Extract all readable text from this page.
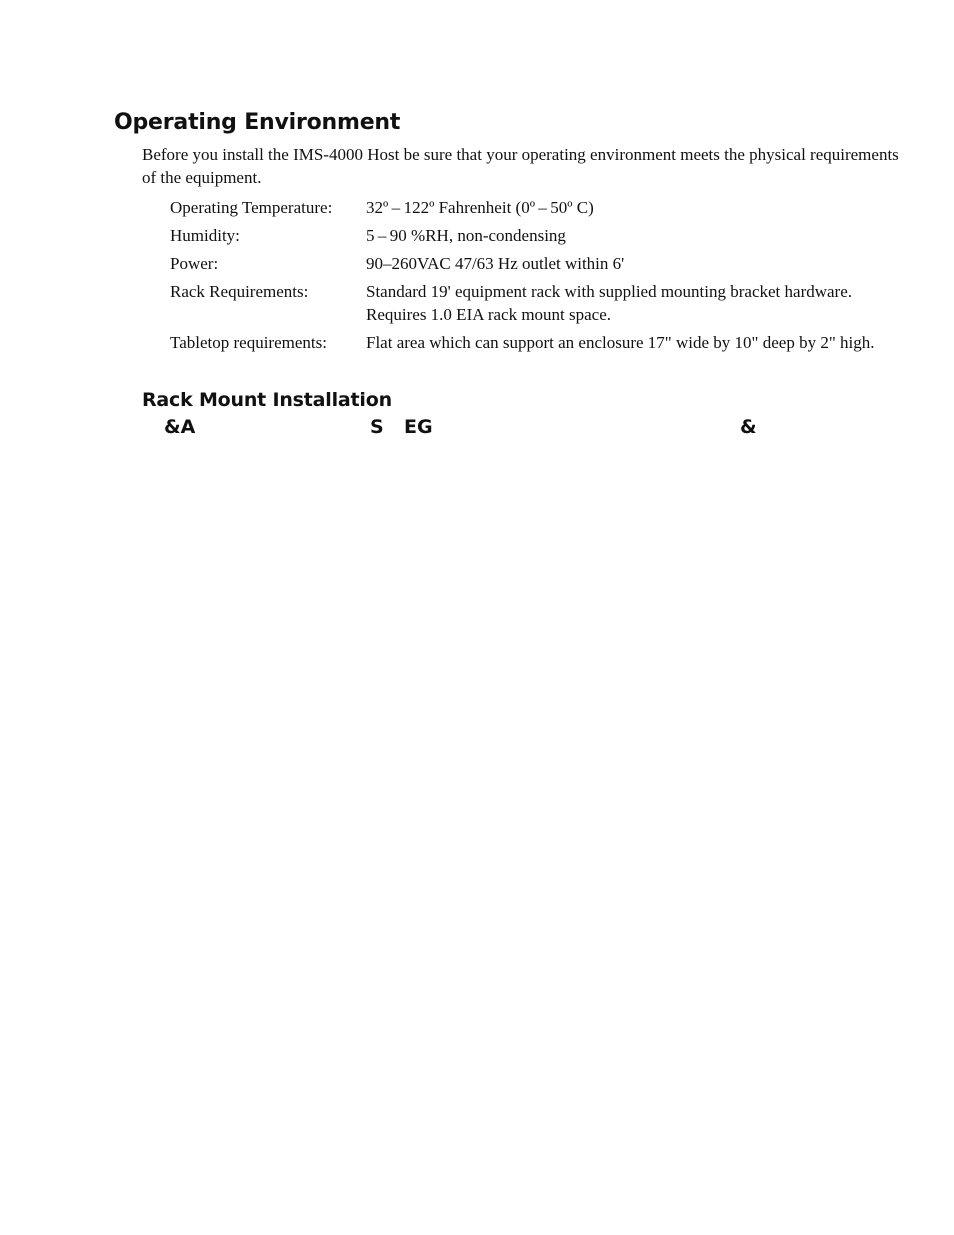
Operating Environment
Before you install the IMS-4000 Host be sure that your operating environment meets the physical requirements of the equipment.
Operating Temperature:	32º – 122º Fahrenheit (0º – 50º C)
Humidity:	5 – 90 %RH, non-condensing
Power:	90–260VAC 47/63 Hz outlet within 6'
Rack Requirements:	Standard 19' equipment rack with supplied mounting bracket hardware. Requires 1.0 EIA rack mount space.
Tabletop requirements:	Flat area which can support an enclosure 17" wide by 10" deep by 2" high.
Rack Mount Installation
&A	S EG	&
